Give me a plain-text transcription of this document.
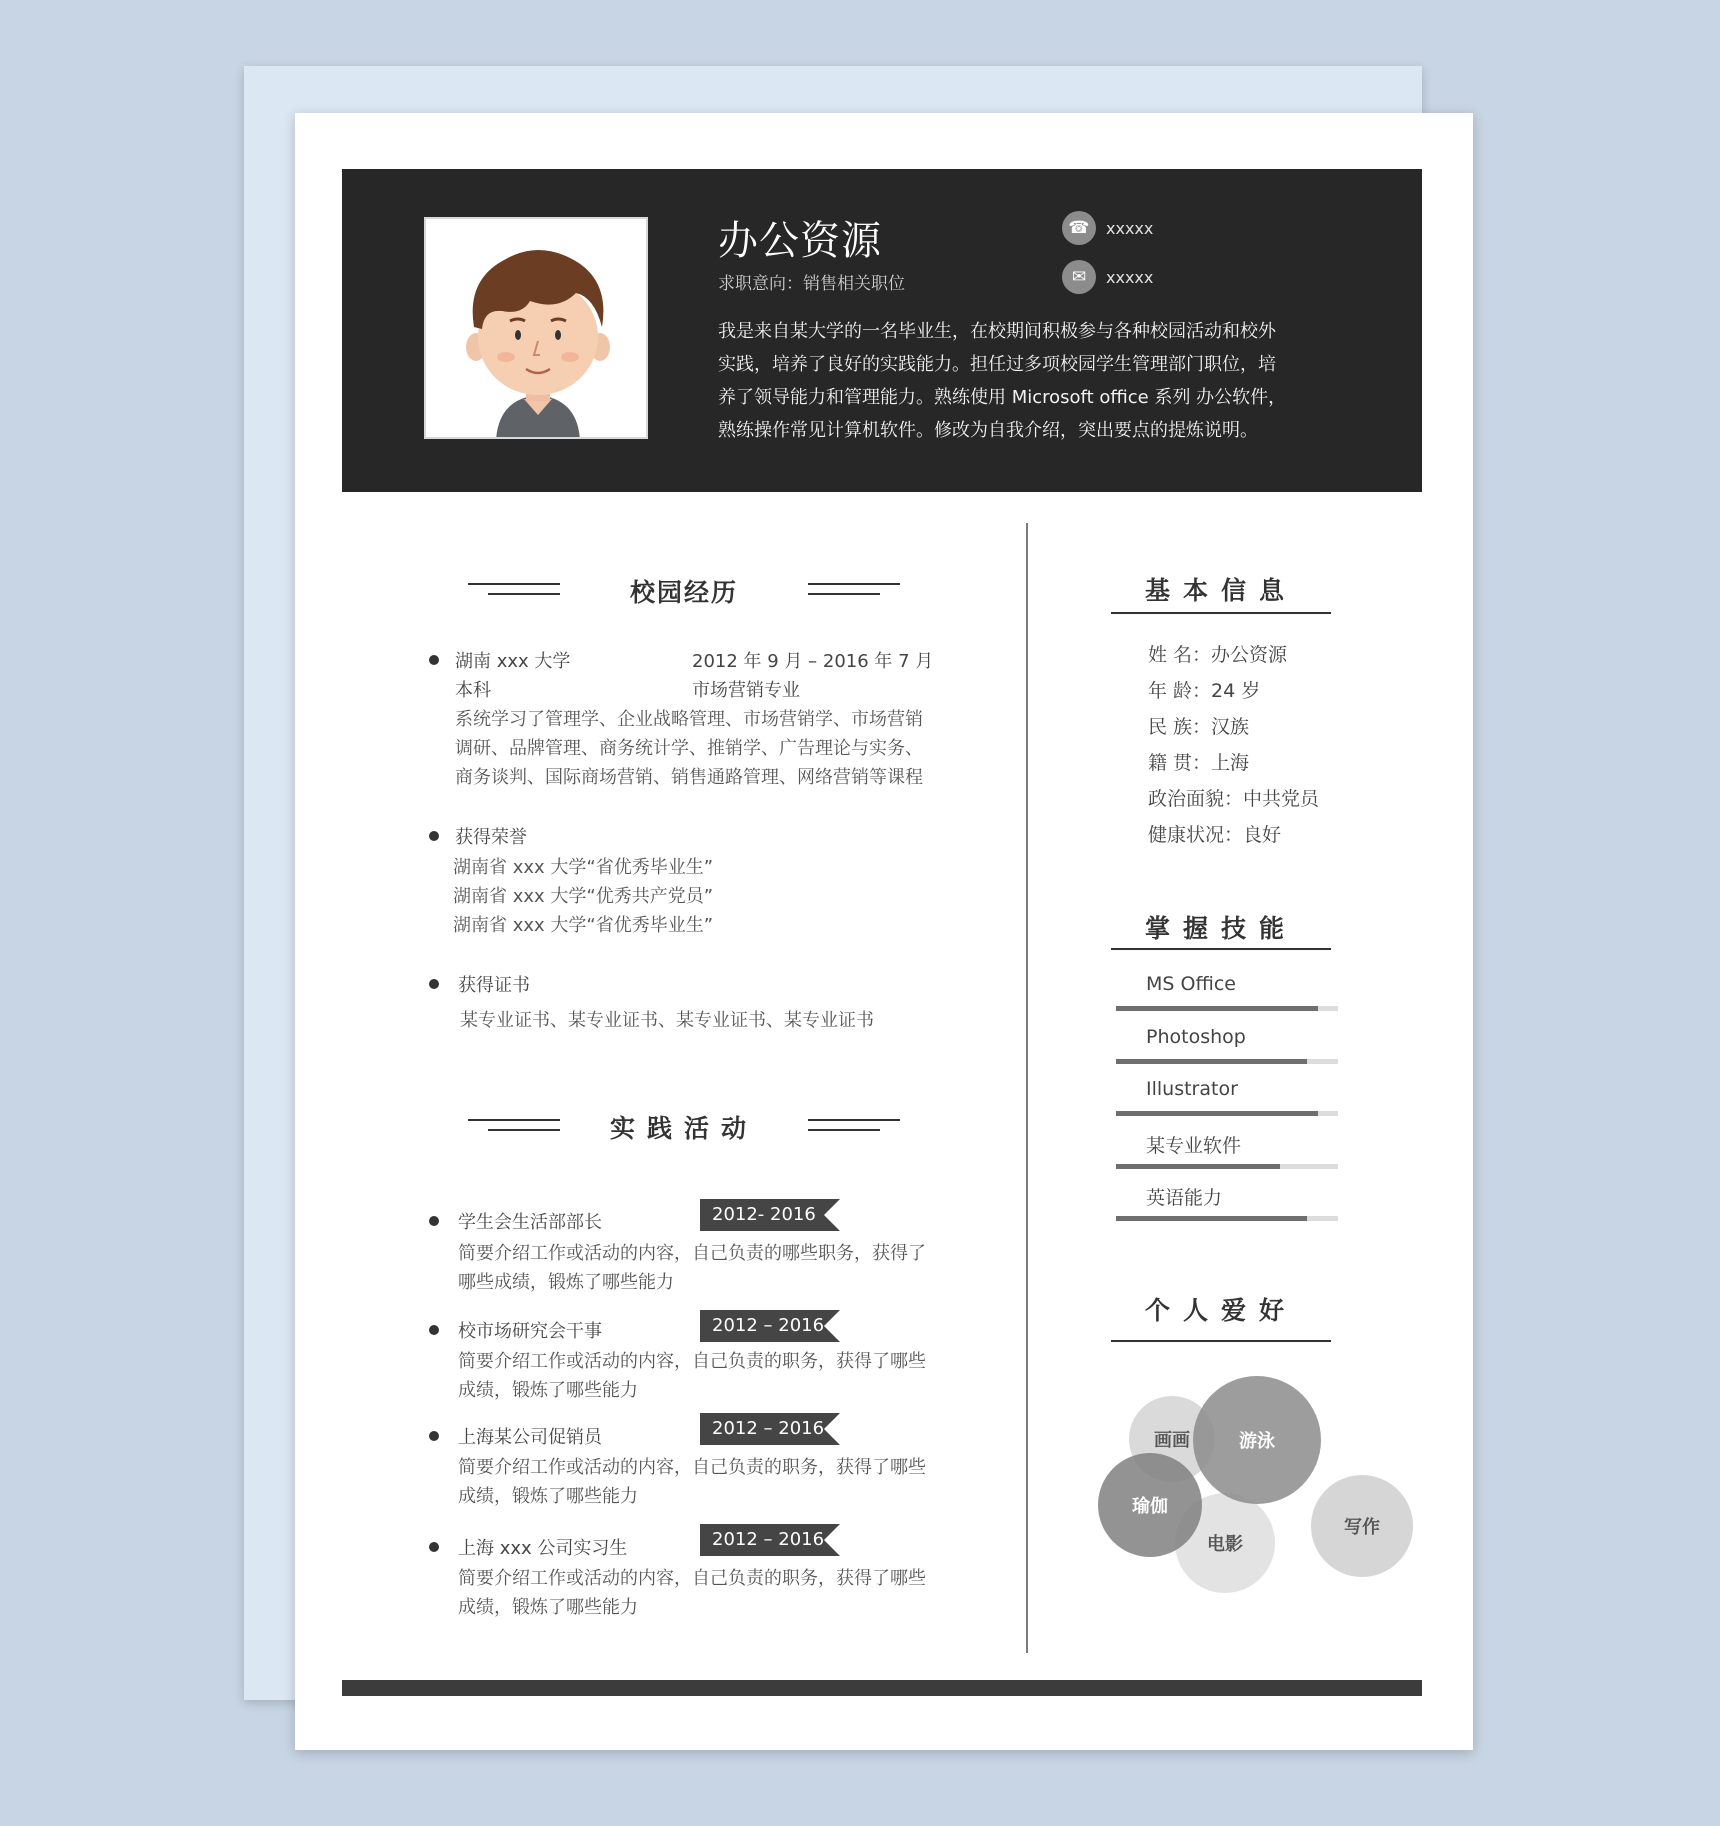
办公资源
求职意向：销售相关职位
☎	xxxxx
✉	xxxxx
我是来自某大学的一名毕业生，在校期间积极参与各种校园活动和校外
实践，培养了良好的实践能力。担任过多项校园学生管理部门职位，培
养了领导能力和管理能力。熟练使用 Microsoft office 系列 办公软件，
熟练操作常见计算机软件。修改为自我介绍，突出要点的提炼说明。
校园经历
湖南 xxx 大学	2012 年 9 月 – 2016 年 7 月
本科	市场营销专业
系统学习了管理学、企业战略管理、市场营销学、市场营销
调研、品牌管理、商务统计学、推销学、广告理论与实务、
商务谈判、国际商场营销、销售通路管理、网络营销等课程
获得荣誉
湖南省 xxx 大学“省优秀毕业生”
湖南省 xxx 大学“优秀共产党员”
湖南省 xxx 大学“省优秀毕业生”
获得证书
某专业证书、某专业证书、某专业证书、某专业证书
实践活动
学生会生活部部长	2012- 2016
简要介绍工作或活动的内容，自己负责的哪些职务，获得了
哪些成绩，锻炼了哪些能力
校市场研究会干事	2012 – 2016
简要介绍工作或活动的内容，自己负责的职务，获得了哪些
成绩，锻炼了哪些能力
上海某公司促销员	2012 – 2016
简要介绍工作或活动的内容，自己负责的职务，获得了哪些
成绩，锻炼了哪些能力
上海 xxx 公司实习生	2012 – 2016
简要介绍工作或活动的内容，自己负责的职务，获得了哪些
成绩，锻炼了哪些能力
基本信息
姓 名：办公资源
年 龄：24 岁
民 族：汉族
籍 贯：上海
政治面貌：中共党员
健康状况：良好
掌握技能
MS Office
Photoshop
Illustrator
某专业软件
英语能力
个人爱好
画画
写作
电影
游泳
瑜伽
